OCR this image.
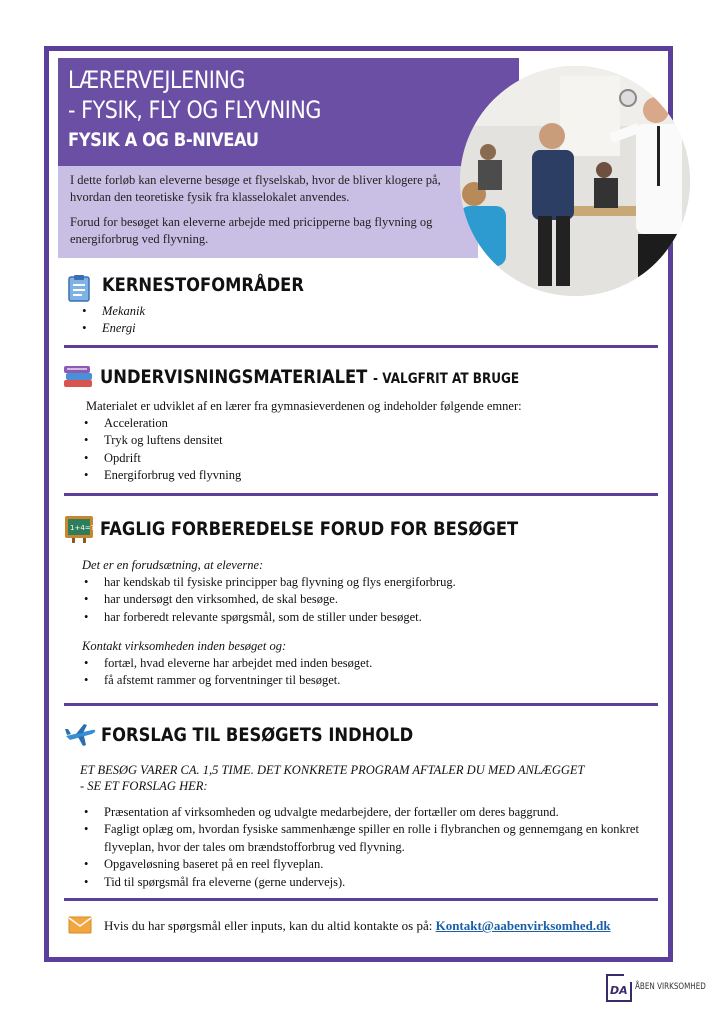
LÆRERVEJLENING
- FYSIK, FLY OG FLYVNING
FYSIK A OG B-NIVEAU
I dette forløb kan eleverne besøge et flyselskab, hvor de bliver klogere på, hvordan den teoretiske fysik fra klasselokalet anvendes.
Forud for besøget kan eleverne arbejde med pricipperne bag flyvning og energiforbrug ved flyvning.
KERNESTOFOMRÅDER
• Mekanik
• Energi
UNDERVISNINGSMATERIALET - VALGFRIT AT BRUGE
Materialet er udviklet af en lærer fra gymnasieverdenen og indeholder følgende emner:
• Acceleration
• Tryk og luftens densitet
• Opdrift
• Energiforbrug ved flyvning
1+4=? FAGLIG FORBEREDELSE FORUD FOR BESØGET
Det er en forudsætning, at eleverne:
• har kendskab til fysiske principper bag flyvning og flys energiforbrug.
• har undersøgt den virksomhed, de skal besøge.
• har forberedt relevante spørgsmål, som de stiller under besøget.
Kontakt virksomheden inden besøget og:
• fortæl, hvad eleverne har arbejdet med inden besøget.
• få afstemt rammer og forventninger til besøget.
FORSLAG TIL BESØGETS INDHOLD
ET BESØG VARER CA. 1,5 TIME. DET KONKRETE PROGRAM AFTALER DU MED ANLÆGGET
- SE ET FORSLAG HER:
• Præsentation af virksomheden og udvalgte medarbejdere, der fortæller om deres baggrund.
• Fagligt oplæg om, hvordan fysiske sammenhænge spiller en rolle i flybranchen og gennemgang en konkret flyveplan, hvor der tales om brændstofforbrug ved flyvning.
• Opgaveløsning baseret på en reel flyveplan.
• Tid til spørgsmål fra eleverne (gerne undervejs).
Hvis du har spørgsmål eller inputs, kan du altid kontakte os på: Kontakt@aabenvirksomhed.dk
DA ÅBEN VIRKSOMHED
